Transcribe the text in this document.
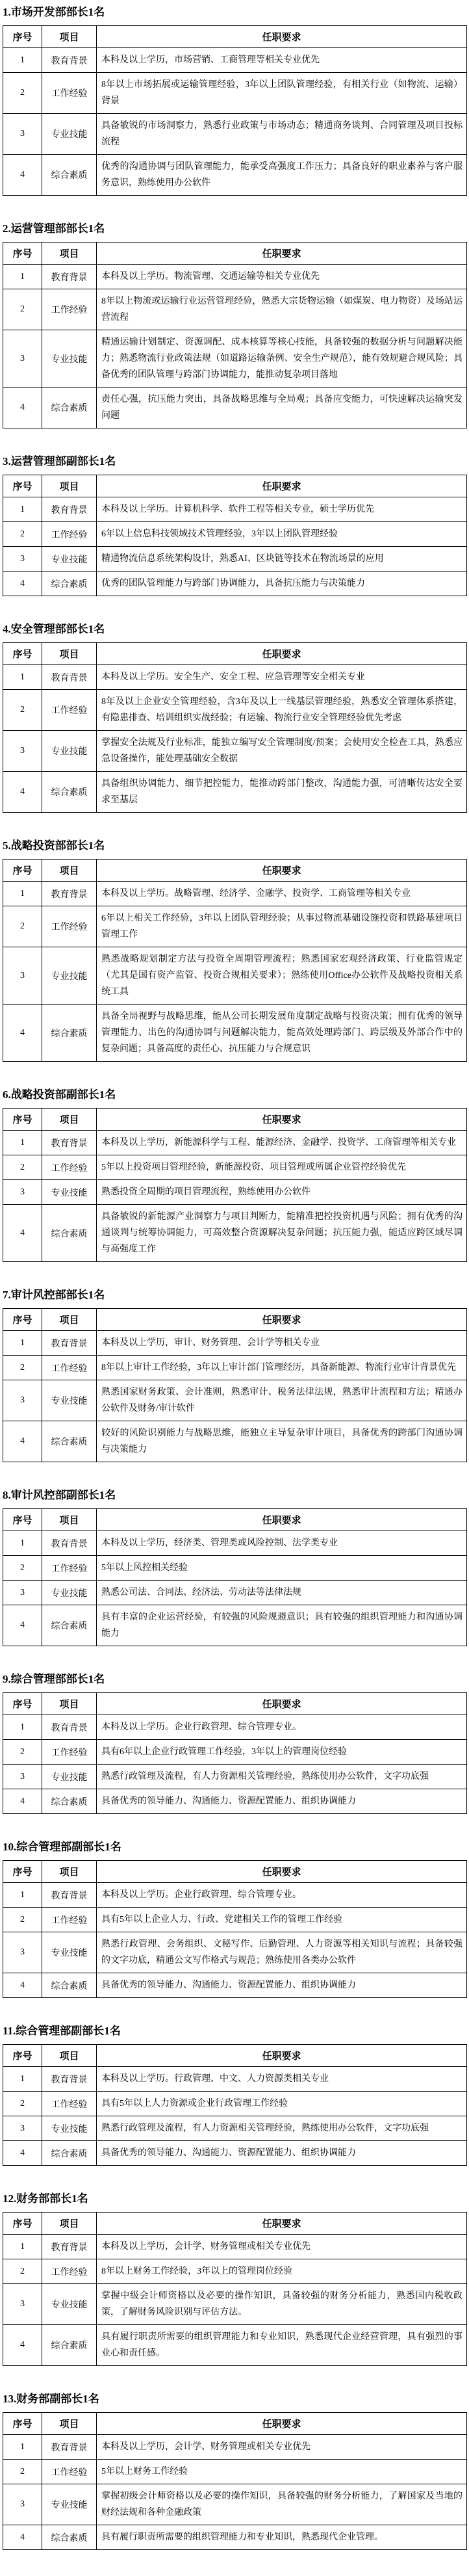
1.市场开发部部长1名
序号	项目	任职要求
1	教育背景	本科及以上学历，市场营销、工商管理等相关专业优先
2	工作经验	8年以上市场拓展或运输管理经验，3年以上团队管理经验，有相关行业（如物流、运输）背景
3	专业技能	具备敏锐的市场洞察力，熟悉行业政策与市场动态；精通商务谈判、合同管理及项目投标流程
4	综合素质	优秀的沟通协调与团队管理能力，能承受高强度工作压力；具备良好的职业素养与客户服务意识，熟练使用办公软件
2.运营管理部部长1名
序号	项目	任职要求
1	教育背景	本科及以上学历。物流管理、交通运输等相关专业优先
2	工作经验	8年以上物流或运输行业运营管理经验，熟悉大宗货物运输（如煤炭、电力物资）及场站运营流程
3	专业技能	精通运输计划制定、资源调配、成本核算等核心技能，具备较强的数据分析与问题解决能力；熟悉物流行业政策法规（如道路运输条例、安全生产规范），能有效规避合规风险；具备优秀的团队管理与跨部门协调能力，能推动复杂项目落地
4	综合素质	责任心强，抗压能力突出，具备战略思维与全局观；具备应变能力，可快速解决运输突发问题
3.运营管理部副部长1名
序号	项目	任职要求
1	教育背景	本科及以上学历。计算机科学、软件工程等相关专业，硕士学历优先
2	工作经验	6年以上信息科技领域技术管理经验，3年以上团队管理经验
3	专业技能	精通物流信息系统架构设计，熟悉AI、区块链等技术在物流场景的应用
4	综合素质	优秀的团队管理能力与跨部门协调能力，具备抗压能力与决策能力
4.安全管理部部长1名
序号	项目	任职要求
1	教育背景	本科及以上学历。安全生产、安全工程、应急管理等安全相关专业
2	工作经验	8年及以上企业安全管理经验，含3年及以上一线基层管理经验，熟悉安全管理体系搭建，有隐患排查、培训组织实战经验；有运输、物流行业安全管理经验优先考虑
3	专业技能	掌握安全法规及行业标准，能独立编写安全管理制度/预案；会使用安全检查工具，熟悉应急设备操作，能处理基础安全数据
4	综合素质	具备组织协调能力、细节把控能力，能推动跨部门整改，沟通能力强，可清晰传达安全要求至基层
5.战略投资部部长1名
序号	项目	任职要求
1	教育背景	本科及以上学历。战略管理、经济学、金融学、投资学、工商管理等相关专业
2	工作经验	6年以上相关工作经验，3年以上团队管理经验；从事过物流基础设施投资和铁路基建项目管理工作
3	专业技能	熟悉战略规划制定方法与投资全周期管理流程；熟悉国家宏观经济政策、行业监管规定（尤其是国有资产监管、投资合规相关要求）；熟练使用Office办公软件及战略投资相关系统工具
4	综合素质	具备全局视野与战略思维，能从公司长期发展角度制定战略与投资决策；拥有优秀的领导管理能力、出色的沟通协调与问题解决能力，能高效处理跨部门、跨层级及外部合作中的复杂问题；具备高度的责任心、抗压能力与合规意识
6.战略投资部副部长1名
序号	项目	任职要求
1	教育背景	本科及以上学历，新能源科学与工程、能源经济、金融学、投资学、工商管理等相关专业
2	工作经验	5年以上投资项目管理经验，新能源投资、项目管理或所属企业管控经验优先
3	专业技能	熟悉投资全周期的项目管理流程，熟练使用办公软件
4	综合素质	具备敏锐的新能源产业洞察力与项目判断力，能精准把控投资机遇与风险；拥有优秀的沟通谈判与统筹协调能力，可高效整合资源解决复杂问题；抗压能力强，能适应跨区域尽调与高强度工作
7.审计风控部部长1名
序号	项目	任职要求
1	教育背景	本科及以上学历，审计、财务管理、会计学等相关专业
2	工作经验	8年以上审计工作经验，3年以上审计部门管理经历，具备新能源、物流行业审计背景优先
3	专业技能	熟悉国家财务政策、会计准则，熟悉审计、税务法律法规，熟悉审计流程和方法；精通办公软件及财务/审计软件
4	综合素质	较好的风险识别能力与战略思维，能独立主导复杂审计项目，具备优秀的跨部门沟通协调与决策能力
8.审计风控部副部长1名
序号	项目	任职要求
1	教育背景	本科及以上学历，经济类、管理类或风险控制、法学类专业
2	工作经验	5年以上风控相关经验
3	专业技能	熟悉公司法、合同法、经济法、劳动法等法律法规
4	综合素质	具有丰富的企业运营经验，有较强的风险规避意识；具有较强的组织管理能力和沟通协调能力
9.综合管理部部长1名
序号	项目	任职要求
1	教育背景	本科及以上学历。企业行政管理、综合管理专业。
2	工作经验	具有6年以上企业行政管理工作经验，3年以上的管理岗位经验
3	专业技能	熟悉行政管理及流程，有人力资源相关管理经验，熟练使用办公软件，文字功底强
4	综合素质	具备优秀的领导能力、沟通能力、资源配置能力、组织协调能力
10.综合管理部副部长1名
序号	项目	任职要求
1	教育背景	本科及以上学历。企业行政管理、综合管理专业。
2	工作经验	具有5年以上企业人力、行政、党建相关工作的管理工作经验
3	专业技能	熟悉行政管理、会务组织、文秘写作、后勤管理、人力资源等相关知识与流程；具备较强的文字功底，精通公文写作格式与规范；熟练使用各类办公软件
4	综合素质	具备优秀的领导能力、沟通能力、资源配置能力、组织协调能力
11.综合管理部副部长1名
序号	项目	任职要求
1	教育背景	本科及以上学历。行政管理、中文、人力资源类相关专业
2	工作经验	具有5年以上人力资源或企业行政管理工作经验
3	专业技能	熟悉行政管理及流程，有人力资源相关管理经验，熟练使用办公软件，文字功底强
4	综合素质	具备优秀的领导能力、沟通能力、资源配置能力、组织协调能力
12.财务部部长1名
序号	项目	任职要求
1	教育背景	本科及以上学历，会计学、财务管理或相关专业优先
2	工作经验	8年以上财务工作经验，3年以上的管理岗位经验
3	专业技能	掌握中级会计师资格以及必要的操作知识，具备较强的财务分析能力，熟悉国内税收政策，了解财务风险识别与评估方法。
4	综合素质	具有履行职责所需要的组织管理能力和专业知识，熟悉现代企业经营管理，具有强烈的事业心和责任感。
13.财务部副部长1名
序号	项目	任职要求
1	教育背景	本科及以上学历，会计学、财务管理或相关专业优先
2	工作经验	5年以上财务工作经验
3	专业技能	掌握初级会计师资格以及必要的操作知识，具备较强的财务分析能力，了解国家及当地的财经法规和各种金融政策
4	综合素质	具有履行职责所需要的组织管理能力和专业知识，熟悉现代企业管理。
